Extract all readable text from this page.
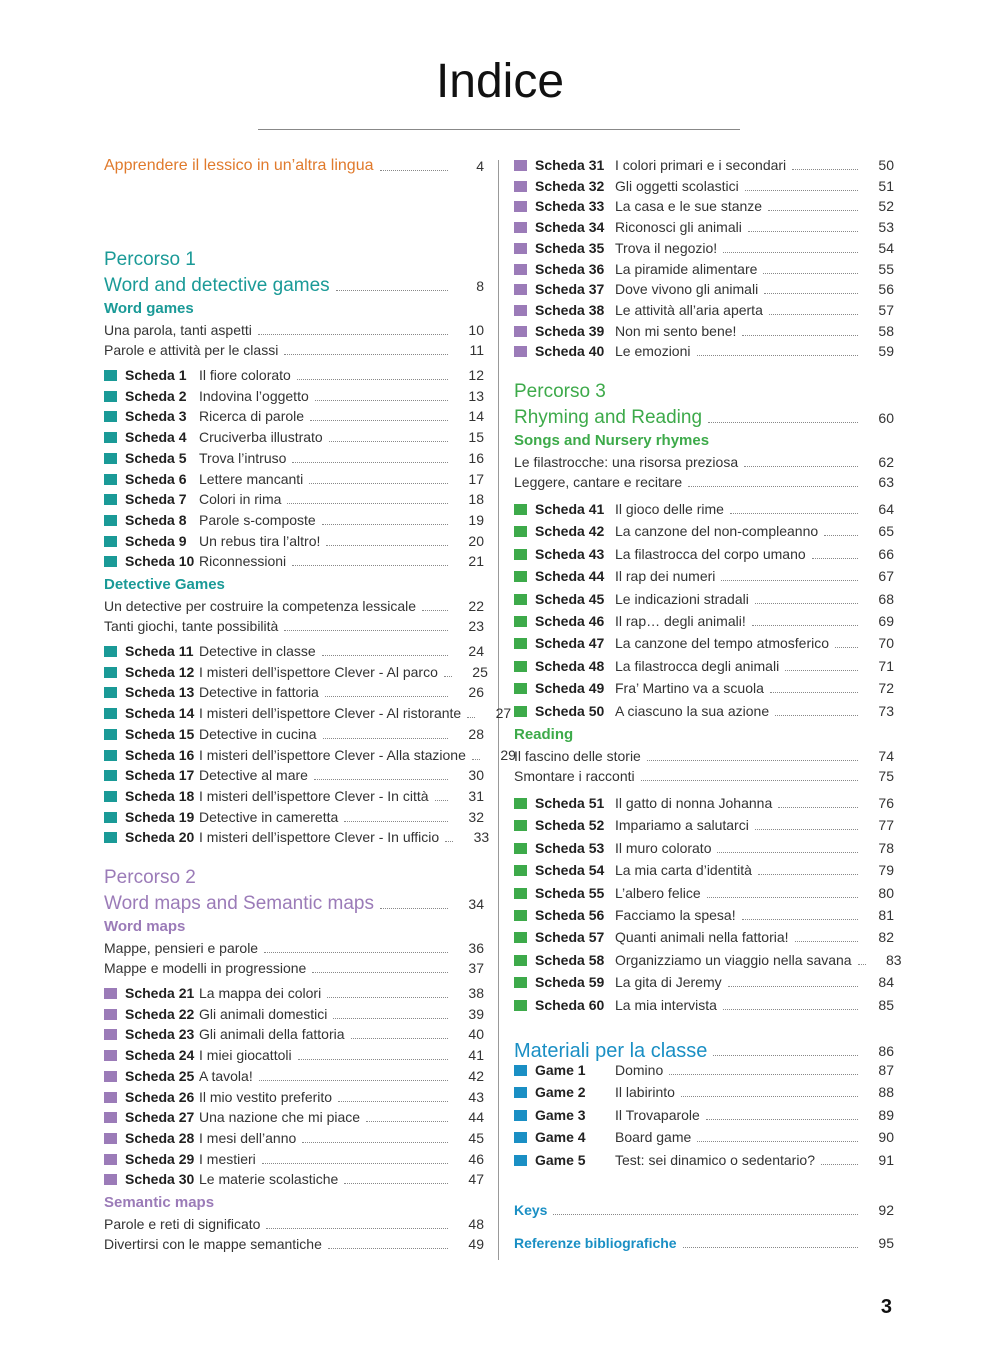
Indice
Apprendere il lessico in un’altra lingua	4
Percorso 1
Word and detective games	8
Word games
Una parola, tanti aspetti	10
Parole e attività per le classi	11
Scheda 1 Il fiore colorato	12
Scheda 2 Indovina l’oggetto	13
Scheda 3 Ricerca di parole	14
Scheda 4 Cruciverba illustrato	15
Scheda 5 Trova l’intruso	16
Scheda 6 Lettere mancanti	17
Scheda 7 Colori in rima	18
Scheda 8 Parole s-composte	19
Scheda 9 Un rebus tira l’altro!	20
Scheda 10 Riconnessioni	21
Detective Games
Un detective per costruire la competenza lessicale	22
Tanti giochi, tante possibilità	23
Scheda 11 Detective in classe	24
Scheda 12 I misteri dell’ispettore Clever - Al parco	25
Scheda 13 Detective in fattoria	26
Scheda 14 I misteri dell’ispettore Clever - Al ristorante	27
Scheda 15 Detective in cucina	28
Scheda 16 I misteri dell’ispettore Clever - Alla stazione	29
Scheda 17 Detective al mare	30
Scheda 18 I misteri dell’ispettore Clever - In città	31
Scheda 19 Detective in cameretta	32
Scheda 20 I misteri dell’ispettore Clever - In ufficio	33
Percorso 2
Word maps and Semantic maps	34
Word maps
Mappe, pensieri e parole	36
Mappe e modelli in progressione	37
Scheda 21 La mappa dei colori	38
Scheda 22 Gli animali domestici	39
Scheda 23 Gli animali della fattoria	40
Scheda 24 I miei giocattoli	41
Scheda 25 A tavola!	42
Scheda 26 Il mio vestito preferito	43
Scheda 27 Una nazione che mi piace	44
Scheda 28 I mesi dell’anno	45
Scheda 29 I mestieri	46
Scheda 30 Le materie scolastiche	47
Semantic maps
Parole e reti di significato	48
Divertirsi con le mappe semantiche	49
Scheda 31 I colori primari e i secondari	50
Scheda 32 Gli oggetti scolastici	51
Scheda 33 La casa e le sue stanze	52
Scheda 34 Riconosci gli animali	53
Scheda 35 Trova il negozio!	54
Scheda 36 La piramide alimentare	55
Scheda 37 Dove vivono gli animali	56
Scheda 38 Le attività all’aria aperta	57
Scheda 39 Non mi sento bene!	58
Scheda 40 Le emozioni	59
Percorso 3
Rhyming and Reading	60
Songs and Nursery rhymes
Le filastrocche: una risorsa preziosa	62
Leggere, cantare e recitare	63
Scheda 41 Il gioco delle rime	64
Scheda 42 La canzone del non-compleanno	65
Scheda 43 La filastrocca del corpo umano	66
Scheda 44 Il rap dei numeri	67
Scheda 45 Le indicazioni stradali	68
Scheda 46 Il rap… degli animali!	69
Scheda 47 La canzone del tempo atmosferico	70
Scheda 48 La filastrocca degli animali	71
Scheda 49 Fra’ Martino va a scuola	72
Scheda 50 A ciascuno la sua azione	73
Reading
Il fascino delle storie	74
Smontare i racconti	75
Scheda 51 Il gatto di nonna Johanna	76
Scheda 52 Impariamo a salutarci	77
Scheda 53 Il muro colorato	78
Scheda 54 La mia carta d’identità	79
Scheda 55 L’albero felice	80
Scheda 56 Facciamo la spesa!	81
Scheda 57 Quanti animali nella fattoria!	82
Scheda 58 Organizziamo un viaggio nella savana	83
Scheda 59 La gita di Jeremy	84
Scheda 60 La mia intervista	85
Materiali per la classe	86
Game 1	Domino	87
Game 2	Il labirinto	88
Game 3	Il Trovaparole	89
Game 4	Board game	90
Game 5	Test: sei dinamico o sedentario?	91
Keys	92
Referenze bibliografiche	95
3
